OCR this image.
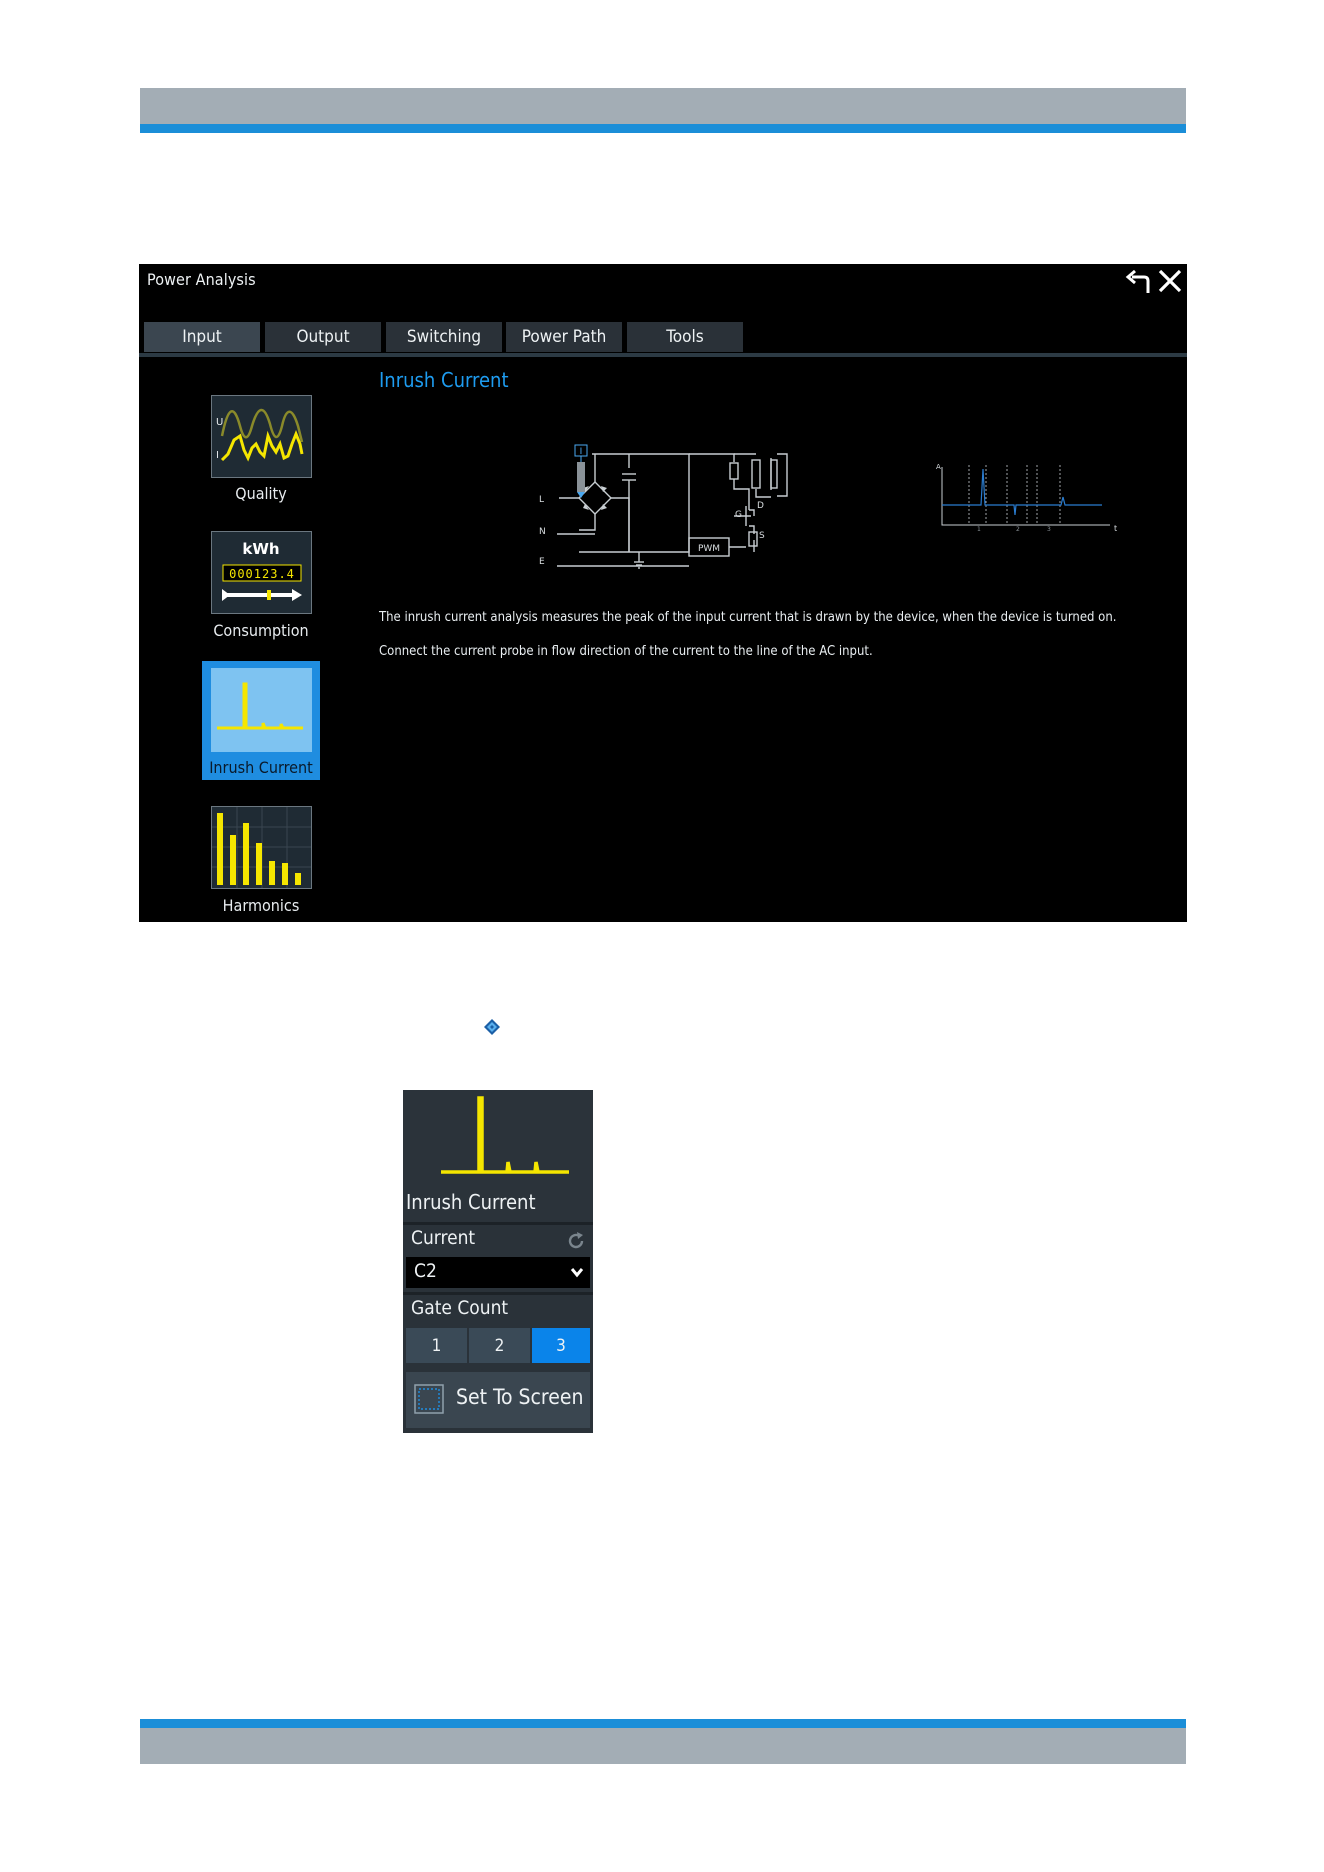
Power Analysis
Input	Output	Switching Power Path	Tools
U
I
Quality
kWh
000123.4
Consumption
Inrush Current
Harmonics
Inrush Current
I
L
N
E
G
D
S
PWM
A
t
1	2	3
The inrush current analysis measures the peak of the input current that is drawn by the device, when the device is turned on.
Connect the current probe in flow direction of the current to the line of the AC input.
Inrush Current
Current
C2
Gate Count
1	2	3
Set To Screen
